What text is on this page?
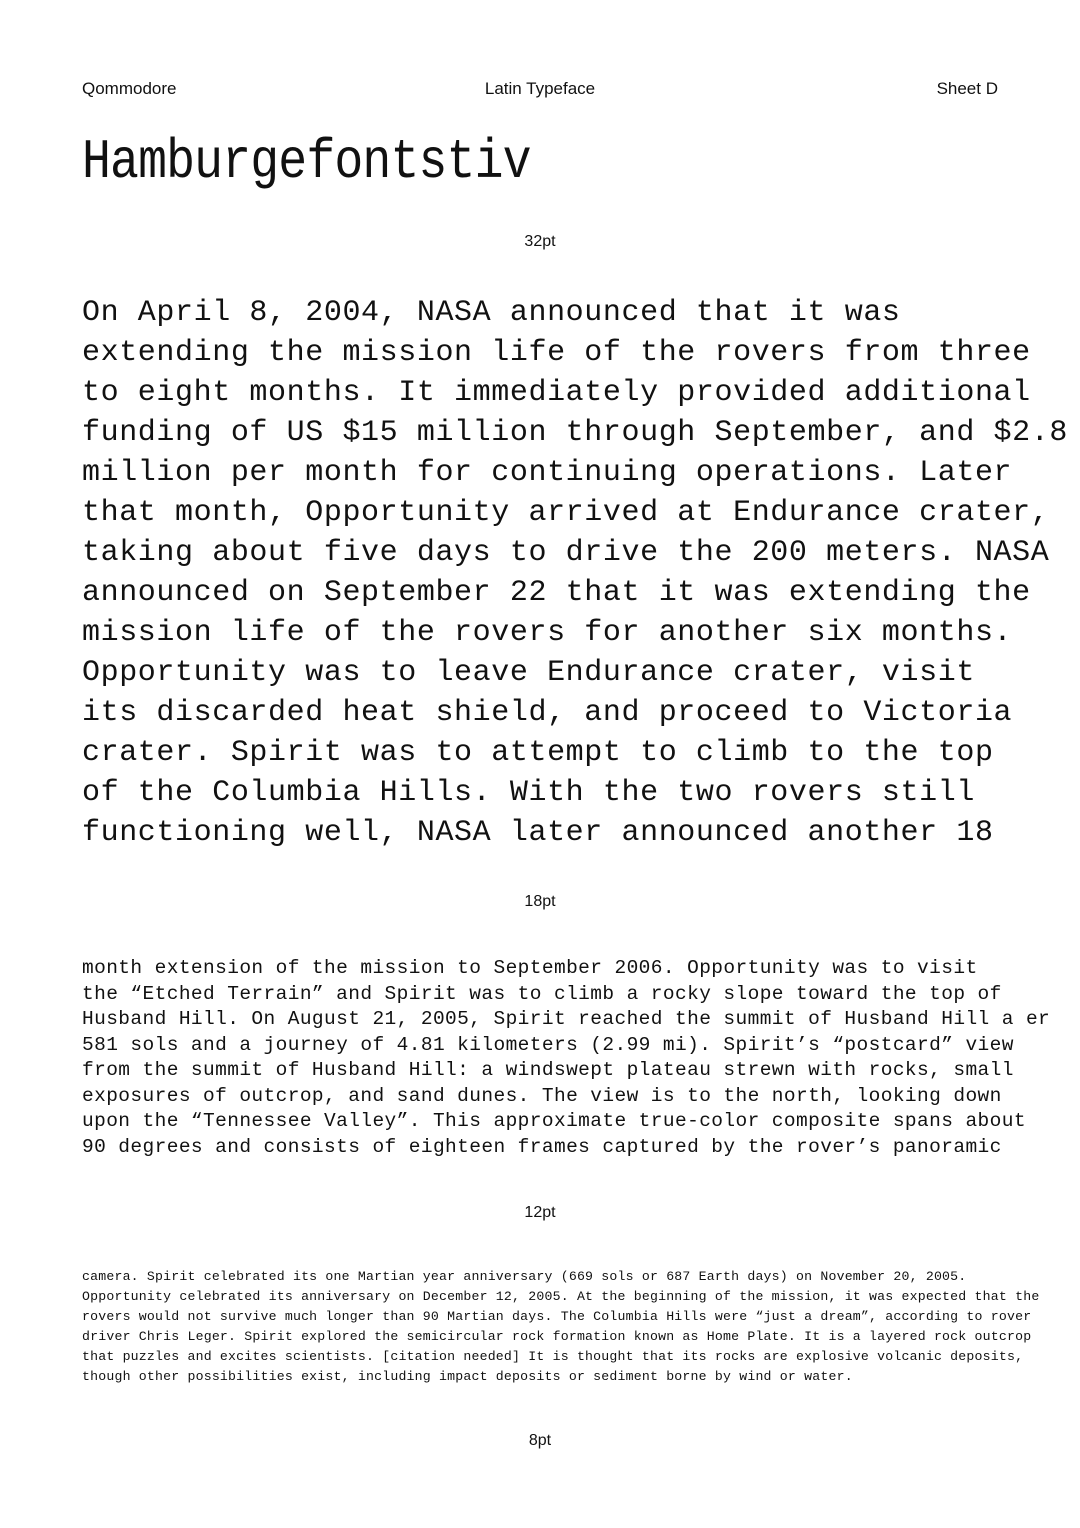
Qommodore	Latin Typeface	Sheet D
Hamburgefontstiv
32pt

On April 8, 2004, NASA announced that it was
extending the mission life of the rovers from three
to eight months. It immediately provided additional
funding of US $15 million through September, and $2.8
million per month for continuing operations. Later
that month, Opportunity arrived at Endurance crater,
taking about five days to drive the 200 meters. NASA
announced on September 22 that it was extending the
mission life of the rovers for another six months.
Opportunity was to leave Endurance crater, visit
its discarded heat shield, and proceed to Victoria
crater. Spirit was to attempt to climb to the top
of the Columbia Hills. With the two rovers still
functioning well, NASA later announced another 18

18pt

month extension of the mission to September 2006. Opportunity was to visit
the “Etched Terrain” and Spirit was to climb a rocky slope toward the top of
Husband Hill. On August 21, 2005, Spirit reached the summit of Husband Hill a er
581 sols and a journey of 4.81 kilometers (2.99 mi). Spirit’s “postcard” view
from the summit of Husband Hill: a windswept plateau strewn with rocks, small
exposures of outcrop, and sand dunes. The view is to the north, looking down
upon the “Tennessee Valley”. This approximate true-color composite spans about
90 degrees and consists of eighteen frames captured by the rover’s panoramic

12pt

camera. Spirit celebrated its one Martian year anniversary (669 sols or 687 Earth days) on November 20, 2005.
Opportunity celebrated its anniversary on December 12, 2005. At the beginning of the mission, it was expected that the
rovers would not survive much longer than 90 Martian days. The Columbia Hills were “just a dream”, according to rover
driver Chris Leger. Spirit explored the semicircular rock formation known as Home Plate. It is a layered rock outcrop
that puzzles and excites scientists. [citation needed] It is thought that its rocks are explosive volcanic deposits,
though other possibilities exist, including impact deposits or sediment borne by wind or water.

8pt
